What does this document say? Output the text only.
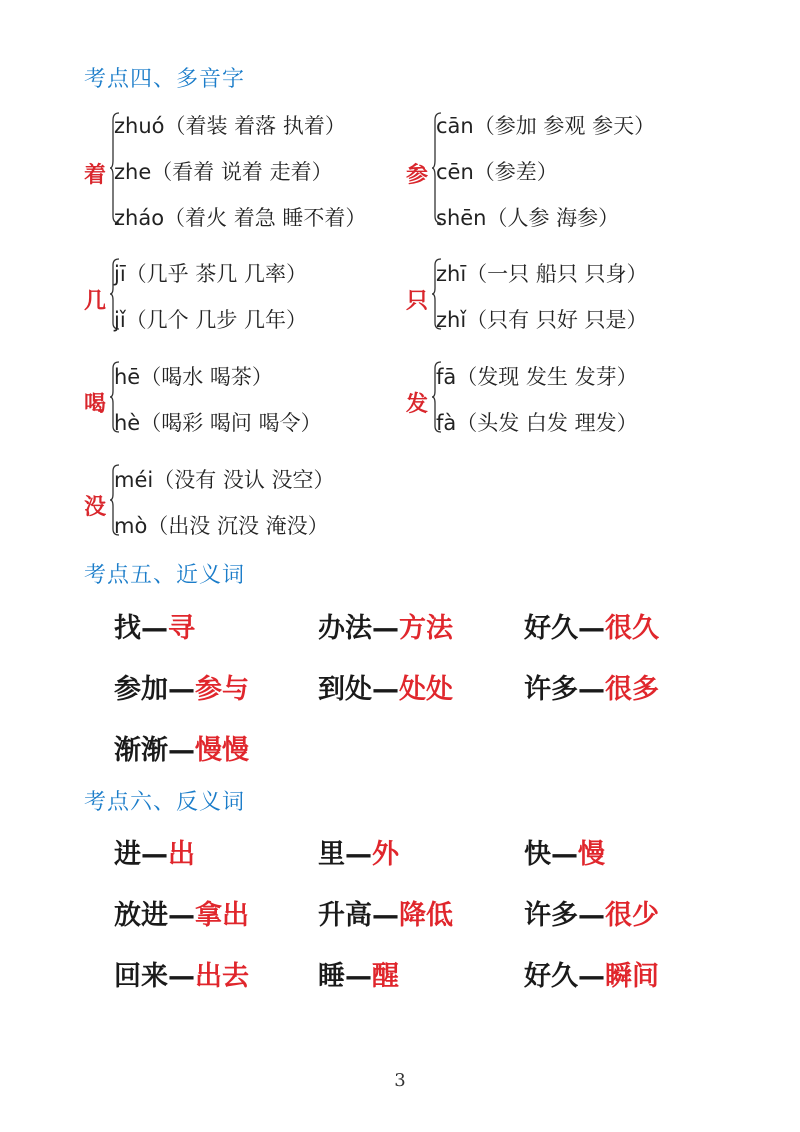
考点四、多音字
着
zhuó（着装 着落 执着）
zhe（看着 说着 走着）
zháo（着火 着急 睡不着）
参
cān（参加 参观 参天）
cēn（参差）
shēn（人参 海参）
几
jī（几乎 茶几 几率）
jǐ（几个 几步 几年）
只
zhī（一只 船只 只身）
zhǐ（只有 只好 只是）
喝
hē（喝水 喝茶）
hè（喝彩 喝问 喝令）
发
fā（发现 发生 发芽）
fà（头发 白发 理发）
没
méi（没有 没认 没空）
mò（出没 沉没 淹没）
考点五、近义词
找—寻	办法—方法	好久—很久
参加—参与	到处—处处	许多—很多
渐渐—慢慢
考点六、反义词
进—出	里—外	快—慢
放进—拿出	升高—降低	许多—很少
回来—出去	睡—醒	好久—瞬间
3
